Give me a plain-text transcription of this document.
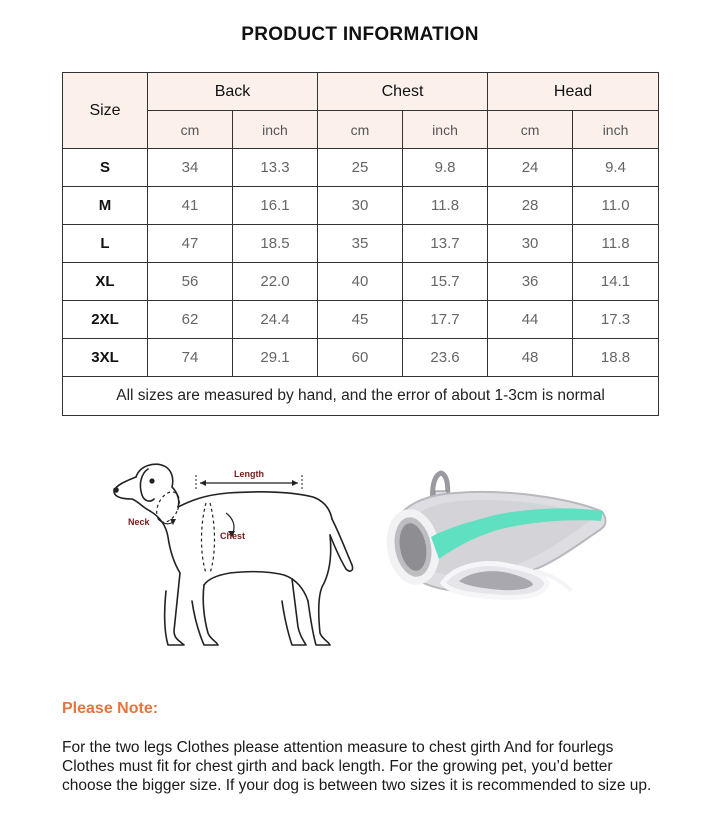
PRODUCT INFORMATION
Size	Back		Chest		Head	
	cm	inch	cm	inch	cm	inch
S	34	13.3	25	9.8	24	9.4
M	41	16.1	30	11.8	28	11.0
L	47	18.5	35	13.7	30	11.8
XL	56	22.0	40	15.7	36	14.1
2XL	62	24.4	45	17.7	44	17.3
3XL	74	29.1	60	23.6	48	18.8
All sizes are measured by hand, and the error of about 1-3cm is normal						
Length
Neck
Chest
Please Note:
For the two legs Clothes please attention measure to chest girth And for fourlegs Clothes must fit for chest girth and back length. For the growing pet, you’d better choose the bigger size. If your dog is between two sizes it is recommended to size up.
